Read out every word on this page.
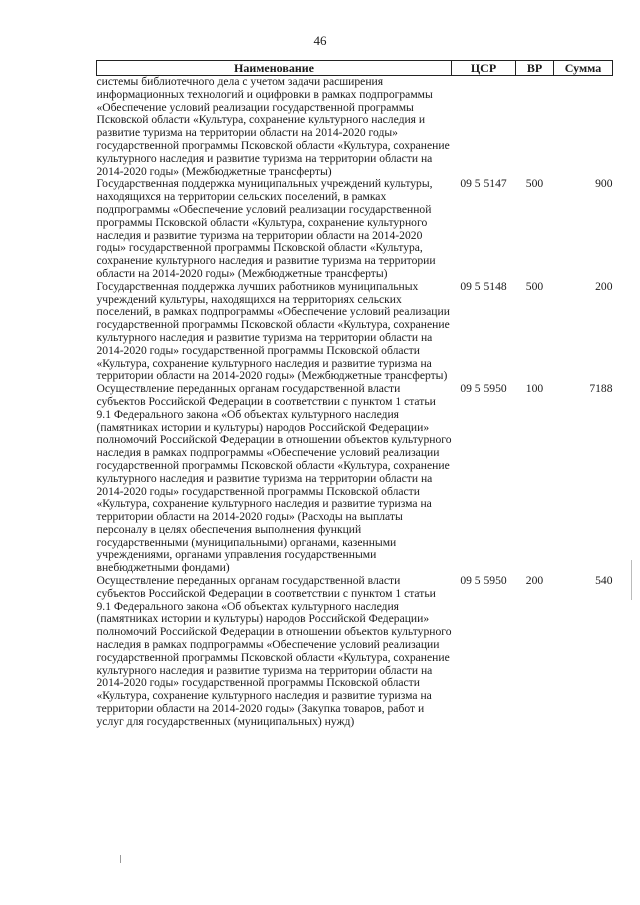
46
Наименование	ЦСР	ВР	Сумма
системы библиотечного дела с учетом задачи расширения информационных технологий и оцифровки в рамках подпрограммы «Обеспечение условий реализации государственной программы Псковской области «Культура, сохранение культурного наследия и развитие туризма на территории области на 2014-2020 годы» государственной программы Псковской области «Культура, сохранение культурного наследия и развитие туризма на территории области на 2014-2020 годы» (Межбюджетные трансферты)			
Государственная поддержка муниципальных учреждений культуры, находящихся на территории сельских поселений, в рамках подпрограммы «Обеспечение условий реализации государственной программы Псковской области «Культура, сохранение культурного наследия и развитие туризма на территории области на 2014-2020 годы» государственной программы Псковской области «Культура, сохранение культурного наследия и развитие туризма на территории области на 2014-2020 годы» (Межбюджетные трансферты)	09 5 5147	500	900
Государственная поддержка лучших работников муниципальных учреждений культуры, находящихся на территориях сельских поселений, в рамках подпрограммы «Обеспечение условий реализации государственной программы Псковской области «Культура, сохранение культурного наследия и развитие туризма на территории области на 2014-2020 годы» государственной программы Псковской области «Культура, сохранение культурного наследия и развитие туризма на территории области на 2014-2020 годы» (Межбюджетные трансферты)	09 5 5148	500	200
Осуществление переданных органам государственной власти субъектов Российской Федерации в соответствии с пунктом 1 статьи 9.1 Федерального закона «Об объектах культурного наследия (памятниках истории и культуры) народов Российской Федерации» полномочий Российской Федерации в отношении объектов культурного наследия в рамках подпрограммы «Обеспечение условий реализации государственной программы Псковской области «Культура, сохранение культурного наследия и развитие туризма на территории области на 2014-2020 годы» государственной программы Псковской области «Культура, сохранение культурного наследия и развитие туризма на территории области на 2014-2020 годы» (Расходы на выплаты персоналу в целях обеспечения выполнения функций государственными (муниципальными) органами, казенными учреждениями, органами управления государственными внебюджетными фондами)	09 5 5950	100	7188
Осуществление переданных органам государственной власти субъектов Российской Федерации в соответствии с пунктом 1 статьи 9.1 Федерального закона «Об объектах культурного наследия (памятниках истории и культуры) народов Российской Федерации» полномочий Российской Федерации в отношении объектов культурного наследия в рамках подпрограммы «Обеспечение условий реализации государственной программы Псковской области «Культура, сохранение культурного наследия и развитие туризма на территории области на 2014-2020 годы» государственной программы Псковской области «Культура, сохранение культурного наследия и развитие туризма на территории области на 2014-2020 годы» (Закупка товаров, работ и услуг для государственных (муниципальных) нужд)	09 5 5950	200	540
